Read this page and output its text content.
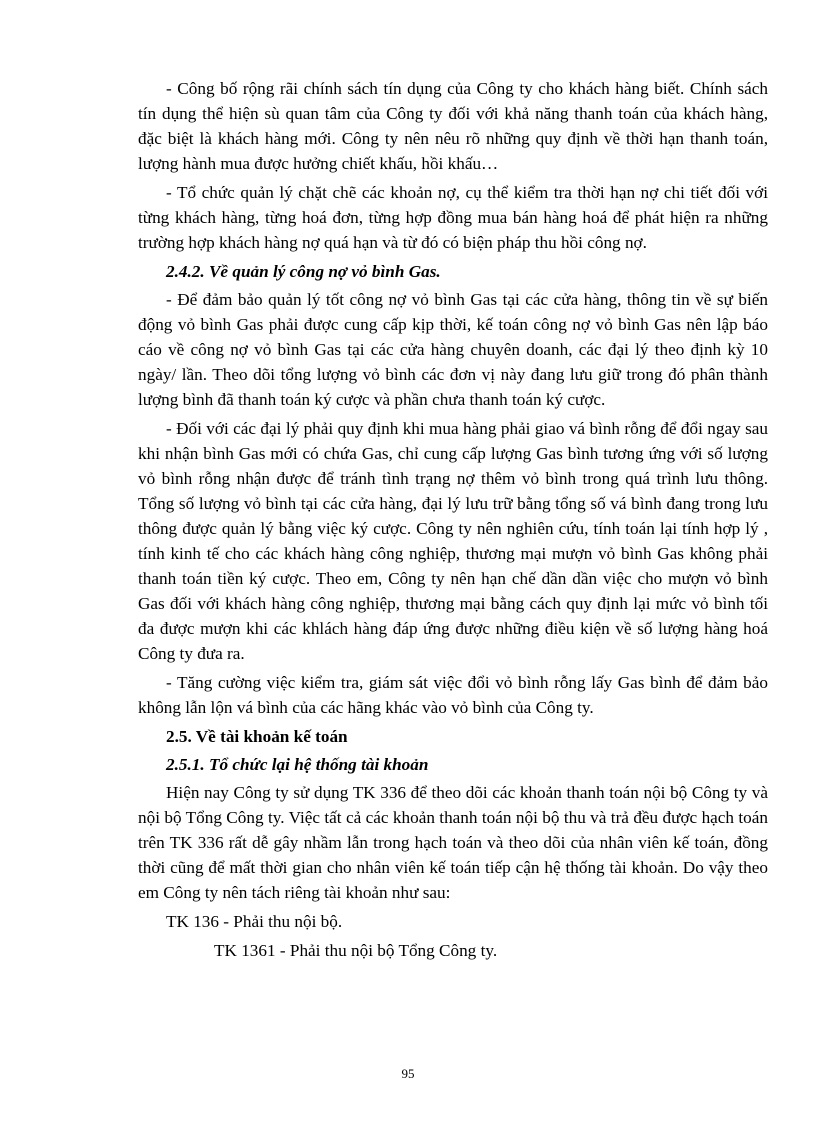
- Công bố rộng rãi chính sách tín dụng của Công ty cho khách hàng biết. Chính sách tín dụng thể hiện sù quan tâm của Công ty đối với khả năng thanh toán của khách hàng, đặc biệt là khách hàng mới. Công ty nên nêu rõ những quy định về thời hạn thanh toán, lượng hành mua được hưởng chiết khấu, hồi khấu…

- Tổ chức quản lý chặt chẽ các khoản nợ, cụ thể kiểm tra thời hạn nợ chi tiết đối với từng khách hàng, từng hoá đơn, từng hợp đồng mua bán hàng hoá để phát hiện ra những trường hợp khách hàng nợ quá hạn và từ đó có biện pháp thu hồi công nợ.

2.4.2. Về quản lý công nợ vỏ bình Gas.

- Để đảm bảo quản lý tốt công nợ vỏ bình Gas tại các cửa hàng, thông tin về sự biến động vỏ bình Gas phải được cung cấp kịp thời, kế toán công nợ vỏ bình Gas nên lập báo cáo về công nợ vỏ bình Gas tại các cửa hàng chuyên doanh, các đại lý theo định kỳ 10 ngày/ lần. Theo dõi tổng lượng vỏ bình các đơn vị này đang lưu giữ trong đó phân thành lượng bình đã thanh toán ký cược và phần chưa thanh toán ký cược.

- Đối với các đại lý phải quy định khi mua hàng phải giao vá bình rỗng để đổi ngay sau khi nhận bình Gas mới có chứa Gas, chỉ cung cấp lượng Gas bình tương ứng với số lượng vỏ bình rỗng nhận được để tránh tình trạng nợ thêm vỏ bình trong quá trình lưu thông. Tổng số lượng vỏ bình tại các cửa hàng, đại lý lưu trữ bằng tổng số vá bình đang trong lưu thông được quản lý bằng việc ký cược. Công ty nên nghiên cứu, tính toán lại tính hợp lý , tính kinh tế cho các khách hàng công nghiệp, thương mại mượn vỏ bình Gas không phải thanh toán tiền ký cược. Theo em, Công ty nên hạn chế dần dần việc cho mượn vỏ bình Gas đối với khách hàng công nghiệp, thương mại bằng cách quy định lại mức vỏ bình tối đa được mượn khi các khlách hàng đáp ứng được những điều kiện về số lượng hàng hoá Công ty đưa ra.

- Tăng cường việc kiểm tra, giám sát việc đổi vỏ bình rỗng lấy Gas bình để đảm bảo không lẫn lộn vá bình của các hãng khác vào vỏ bình của Công ty.

2.5. Về tài khoản kế toán

2.5.1. Tổ chức lại hệ thống tài khoản

Hiện nay Công ty sử dụng TK 336 để theo dõi các khoản thanh toán nội bộ Công ty và nội bộ Tổng Công ty. Việc tất cả các khoản thanh toán nội bộ thu và trả đều được hạch toán trên TK 336 rất dễ gây nhầm lẫn trong hạch toán và theo dõi của nhân viên kế toán, đồng thời cũng để mất thời gian cho nhân viên kế toán tiếp cận hệ thống tài khoản. Do vậy theo em Công ty nên tách riêng tài khoản như sau:

TK 136 - Phải thu nội bộ.

TK 1361 - Phải thu nội bộ Tổng Công ty.

95
